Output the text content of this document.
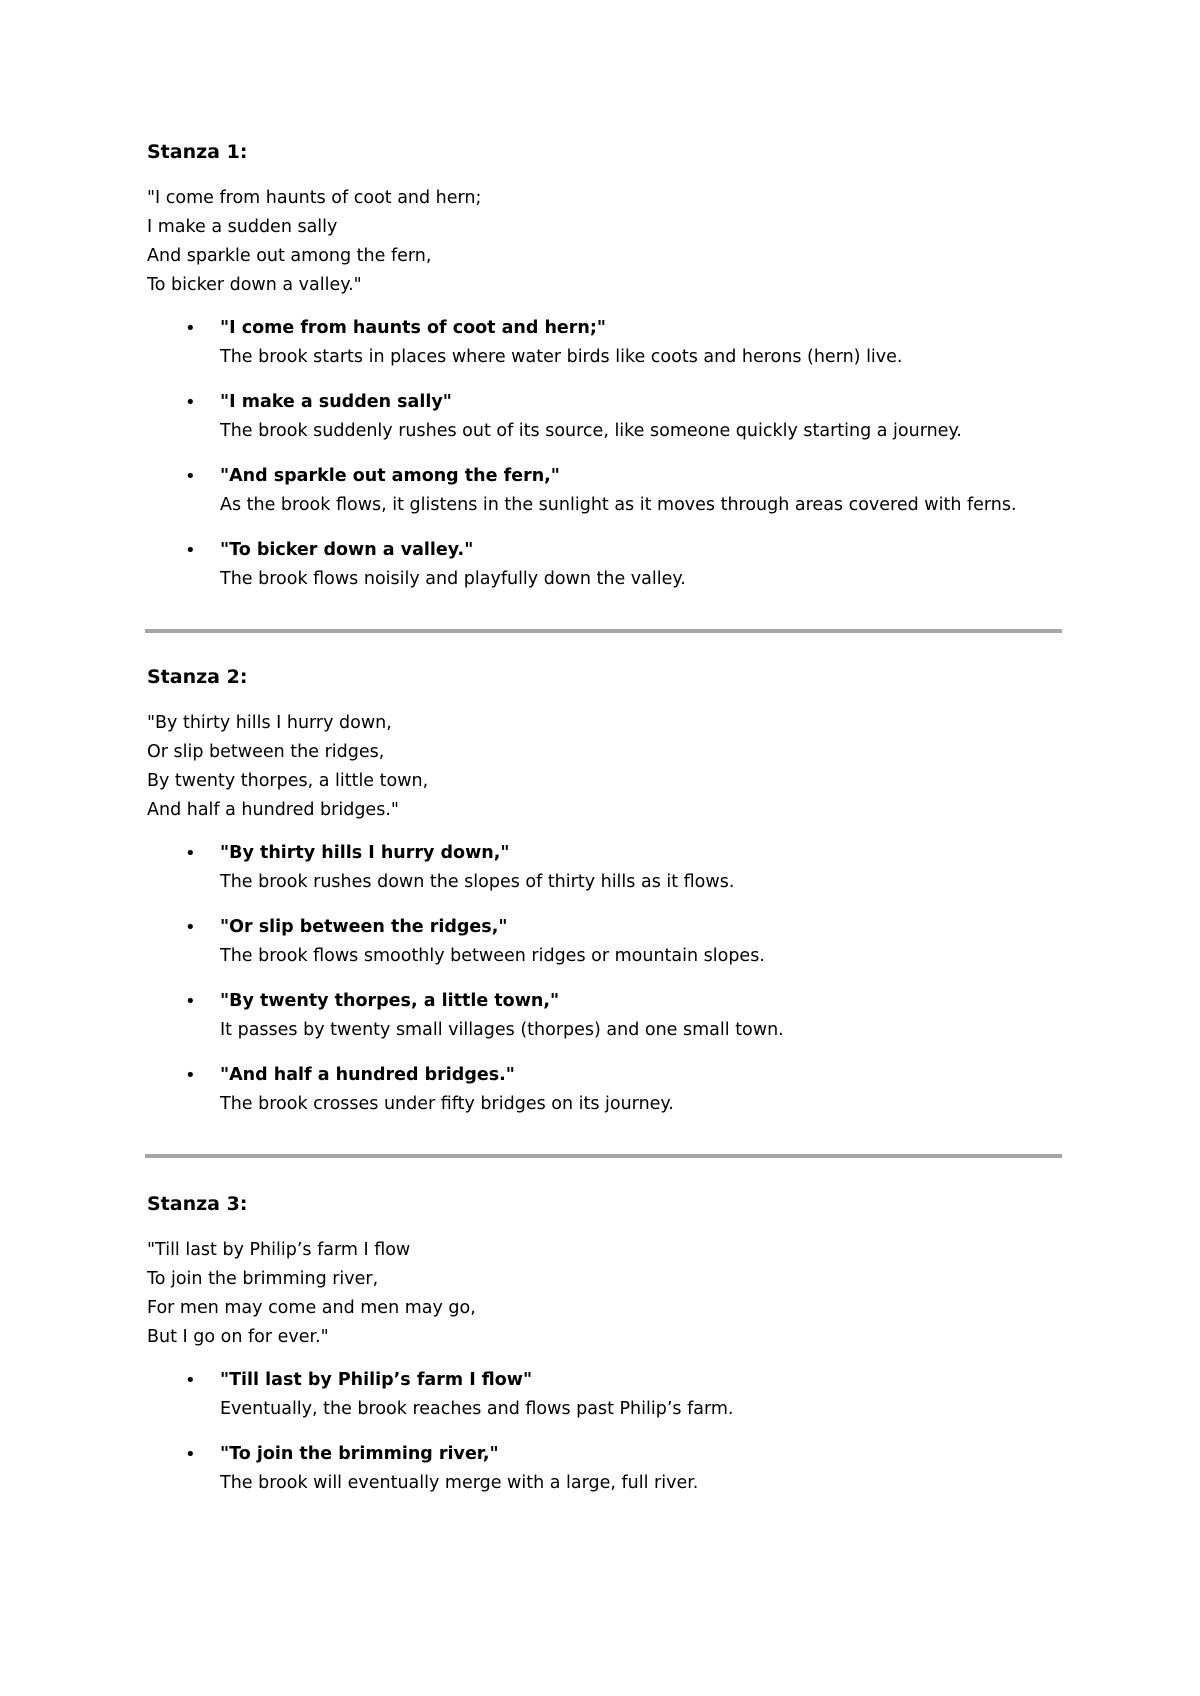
Stanza 1:
"I come from haunts of coot and hern;
I make a sudden sally
And sparkle out among the fern,
To bicker down a valley."
• "I come from haunts of coot and hern;"
The brook starts in places where water birds like coots and herons (hern) live.
• "I make a sudden sally"
The brook suddenly rushes out of its source, like someone quickly starting a journey.
• "And sparkle out among the fern,"
As the brook flows, it glistens in the sunlight as it moves through areas covered with ferns.
• "To bicker down a valley."
The brook flows noisily and playfully down the valley.
Stanza 2:
"By thirty hills I hurry down,
Or slip between the ridges,
By twenty thorpes, a little town,
And half a hundred bridges."
• "By thirty hills I hurry down,"
The brook rushes down the slopes of thirty hills as it flows.
• "Or slip between the ridges,"
The brook flows smoothly between ridges or mountain slopes.
• "By twenty thorpes, a little town,"
It passes by twenty small villages (thorpes) and one small town.
• "And half a hundred bridges."
The brook crosses under fifty bridges on its journey.
Stanza 3:
"Till last by Philip’s farm I flow
To join the brimming river,
For men may come and men may go,
But I go on for ever."
• "Till last by Philip’s farm I flow"
Eventually, the brook reaches and flows past Philip’s farm.
• "To join the brimming river,"
The brook will eventually merge with a large, full river.
